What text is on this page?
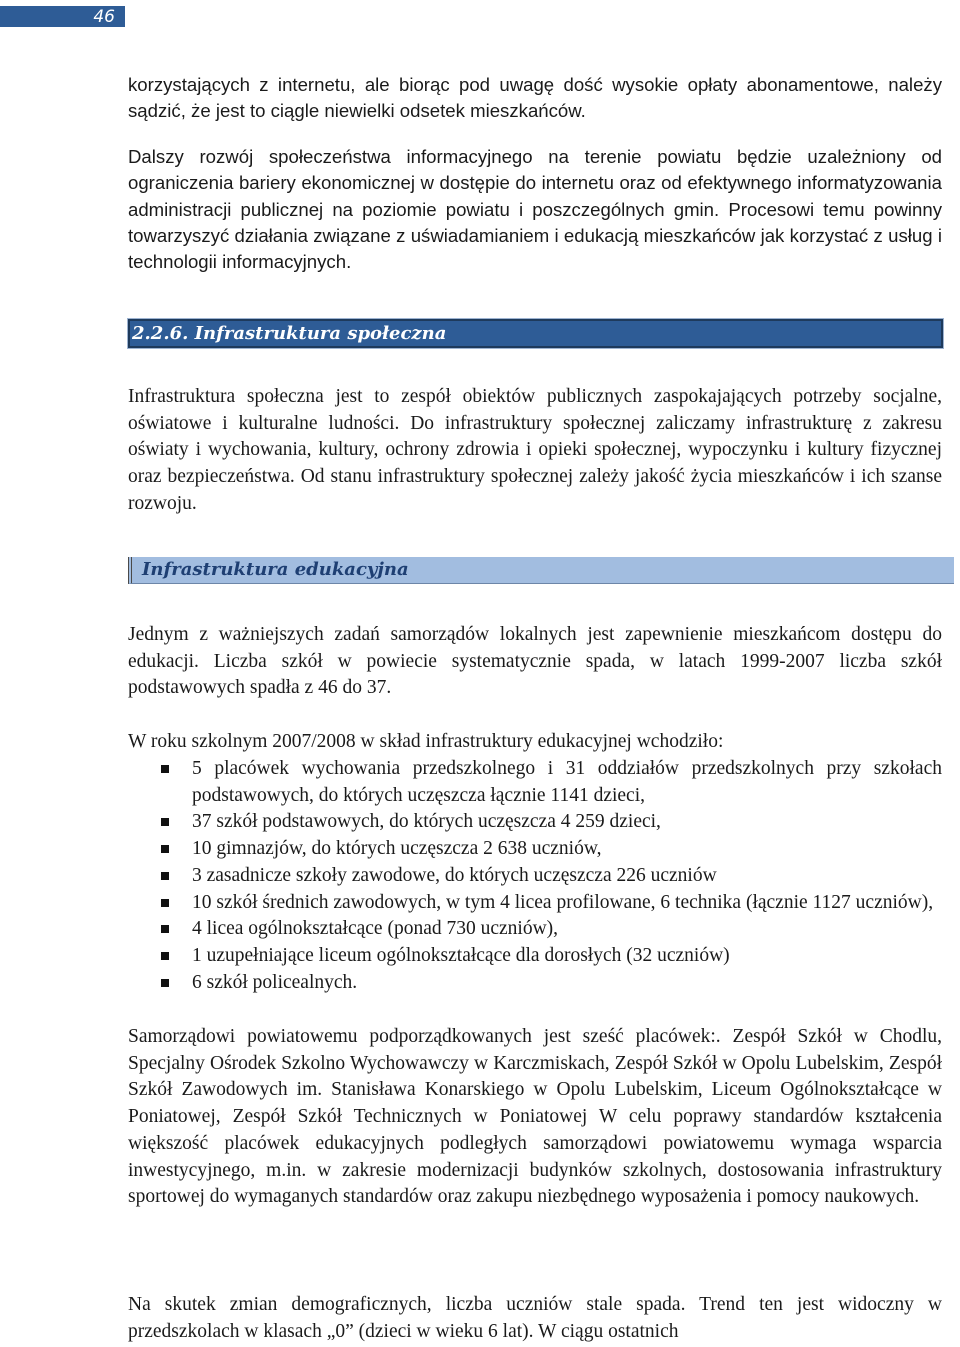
46

korzystających z internetu, ale biorąc pod uwagę dość wysokie opłaty abonamentowe, należy sądzić, że jest to ciągle niewielki odsetek mieszkańców.

Dalszy rozwój społeczeństwa informacyjnego na terenie powiatu będzie uzależniony od ograniczenia bariery ekonomicznej w dostępie do internetu oraz od efektywnego informatyzowania administracji publicznej na poziomie powiatu i poszczególnych gmin. Procesowi temu powinny towarzyszyć działania związane z uświadamianiem i edukacją mieszkańców jak korzystać z usług i technologii informacyjnych.

2.2.6. Infrastruktura społeczna

Infrastruktura społeczna jest to zespół obiektów publicznych zaspokajających potrzeby socjalne, oświatowe i kulturalne ludności. Do infrastruktury społecznej zaliczamy infrastrukturę z zakresu oświaty i wychowania, kultury, ochrony zdrowia i opieki społecznej, wypoczynku i kultury fizycznej oraz bezpieczeństwa. Od stanu infrastruktury społecznej zależy jakość życia mieszkańców i ich szanse rozwoju.

Infrastruktura edukacyjna

Jednym z ważniejszych zadań samorządów lokalnych jest zapewnienie mieszkańcom dostępu do edukacji. Liczba szkół w powiecie systematycznie spada, w latach 1999-2007 liczba szkół podstawowych spadła z 46 do 37.

W roku szkolnym 2007/2008 w skład infrastruktury edukacyjnej wchodziło:

5 placówek wychowania przedszkolnego i 31 oddziałów przedszkolnych przy szkołach podstawowych, do których uczęszcza łącznie 1141 dzieci,
37 szkół podstawowych, do których uczęszcza 4 259 dzieci,
10 gimnazjów, do których uczęszcza 2 638 uczniów,
3 zasadnicze szkoły zawodowe, do których uczęszcza 226 uczniów
10 szkół średnich zawodowych, w tym 4 licea profilowane, 6 technika (łącznie 1127 uczniów),
4 licea ogólnokształcące (ponad 730 uczniów),
1 uzupełniające liceum ogólnokształcące dla dorosłych (32 uczniów)
6 szkół policealnych.

Samorządowi powiatowemu podporządkowanych jest sześć placówek:. Zespół Szkół w Chodlu, Specjalny Ośrodek Szkolno Wychowawczy w Karczmiskach, Zespół Szkół w Opolu Lubelskim, Zespół Szkół Zawodowych im. Stanisława Konarskiego w Opolu Lubelskim, Liceum Ogólnokształcące w Poniatowej, Zespół Szkół Technicznych w Poniatowej W celu poprawy standardów kształcenia większość placówek edukacyjnych podległych samorządowi powiatowemu wymaga wsparcia inwestycyjnego, m.in. w zakresie modernizacji budynków szkolnych, dostosowania infrastruktury sportowej do wymaganych standardów oraz zakupu niezbędnego wyposażenia i pomocy naukowych.

Na skutek zmian demograficznych, liczba uczniów stale spada. Trend ten jest widoczny w przedszkolach w klasach „0” (dzieci w wieku 6 lat). W ciągu ostatnich
